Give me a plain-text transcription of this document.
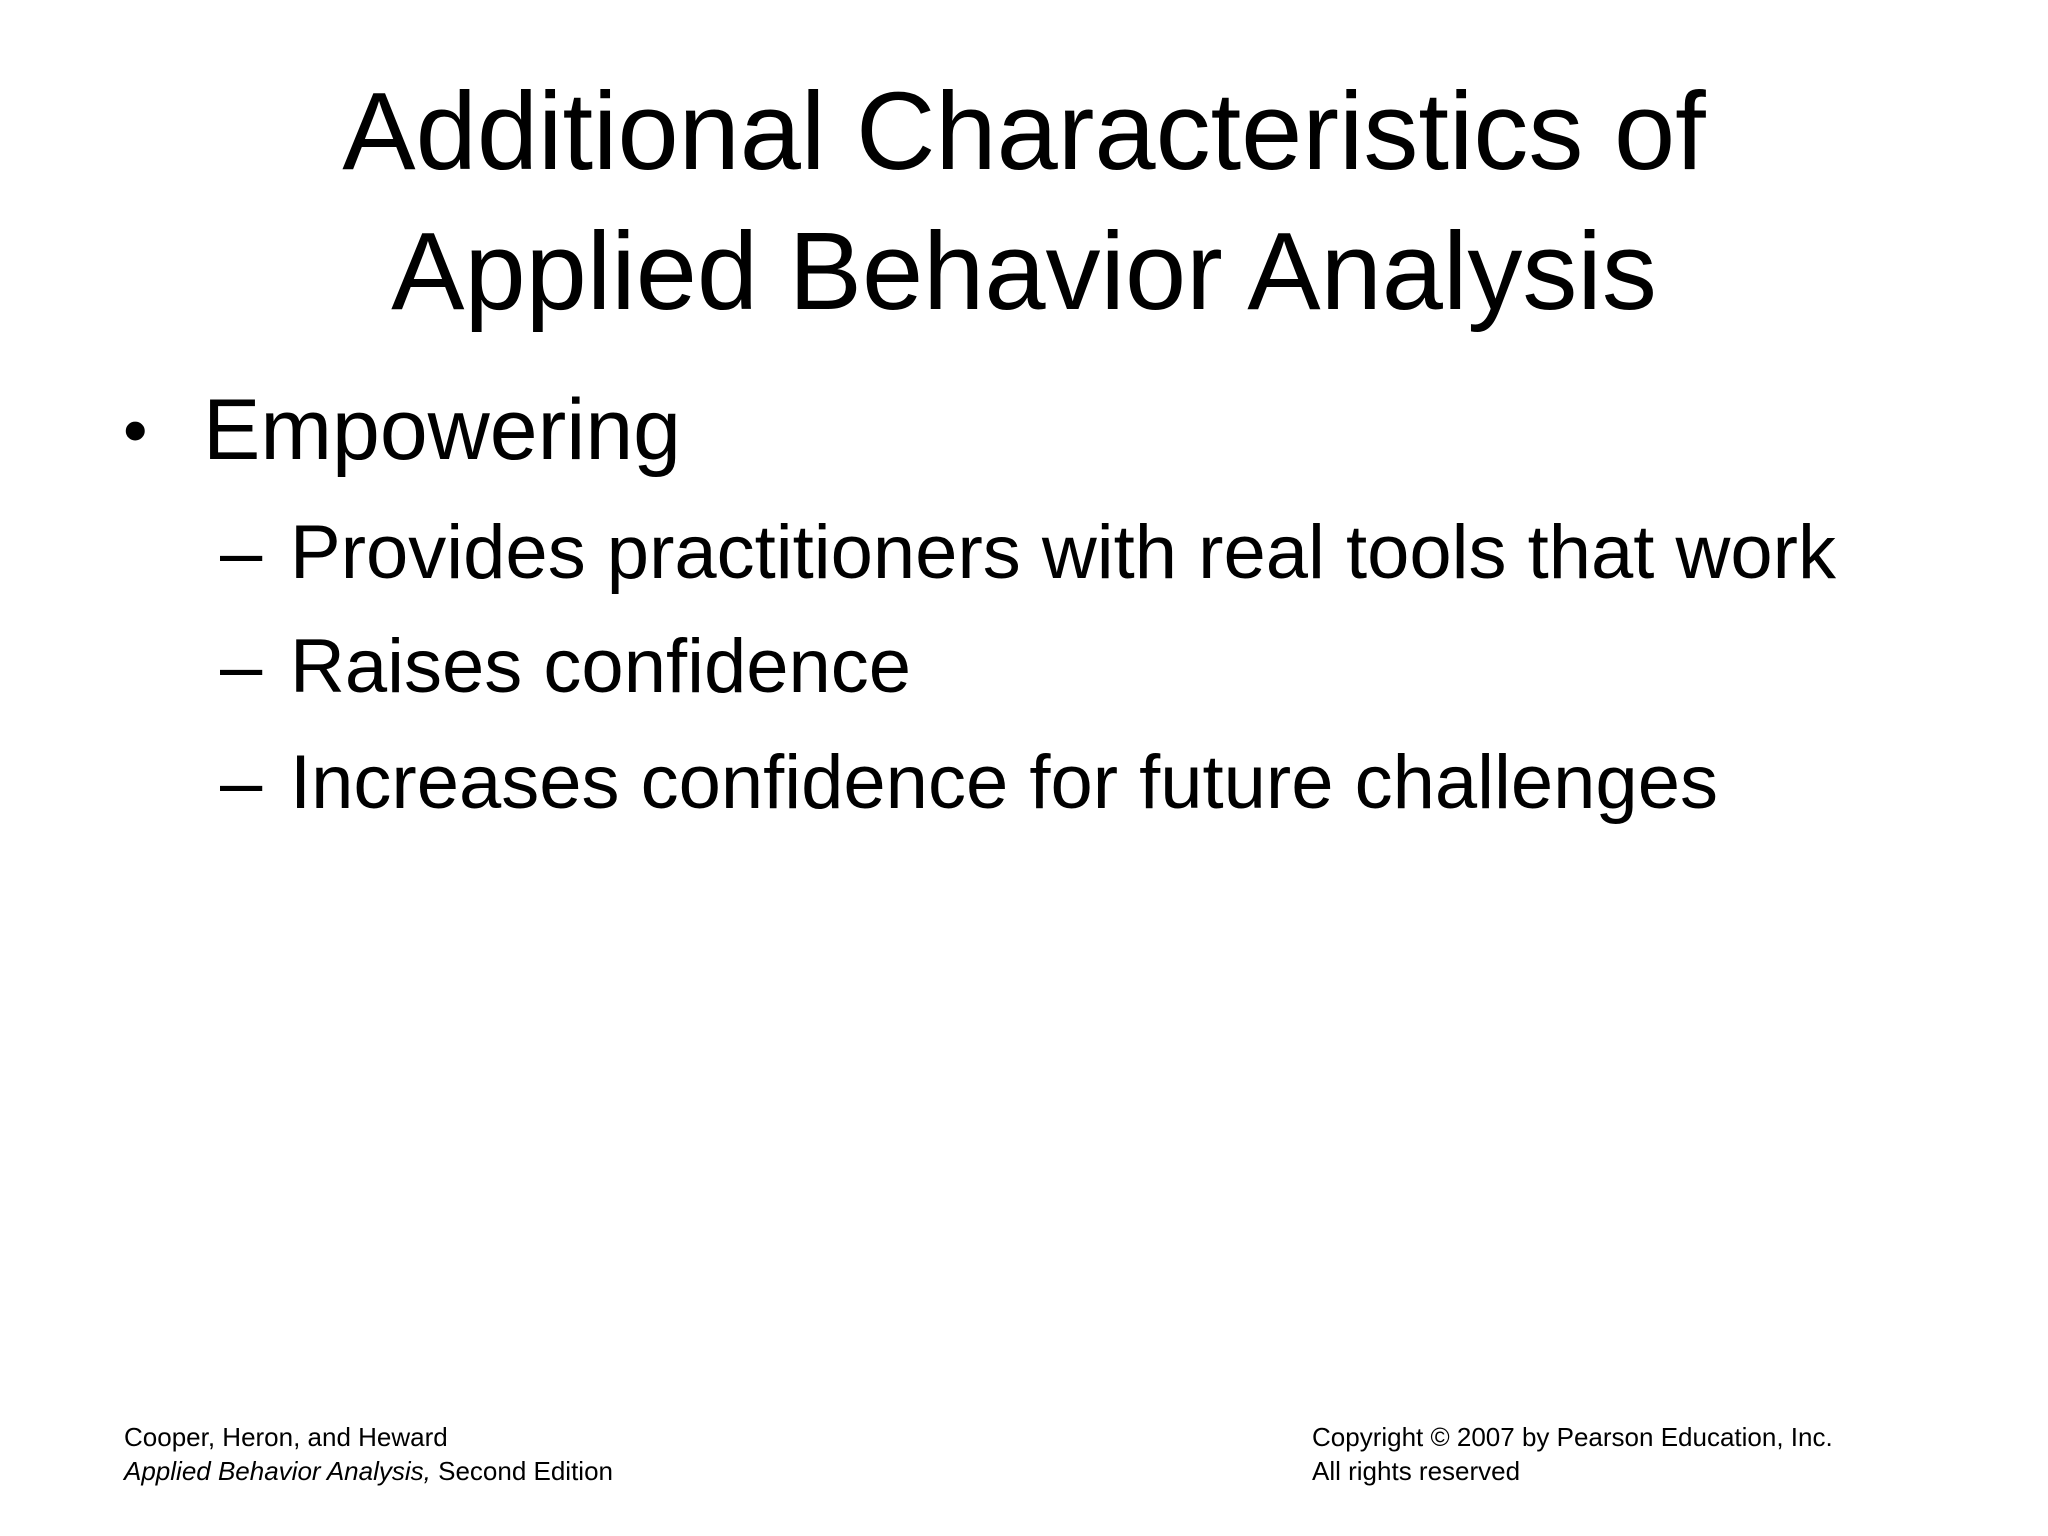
Additional Characteristics of
Applied Behavior Analysis
• Empowering
– Provides practitioners with real tools that work
– Raises confidence
– Increases confidence for future challenges
Cooper, Heron, and Heward
Applied Behavior Analysis, Second Edition
Copyright © 2007 by Pearson Education, Inc.
All rights reserved
